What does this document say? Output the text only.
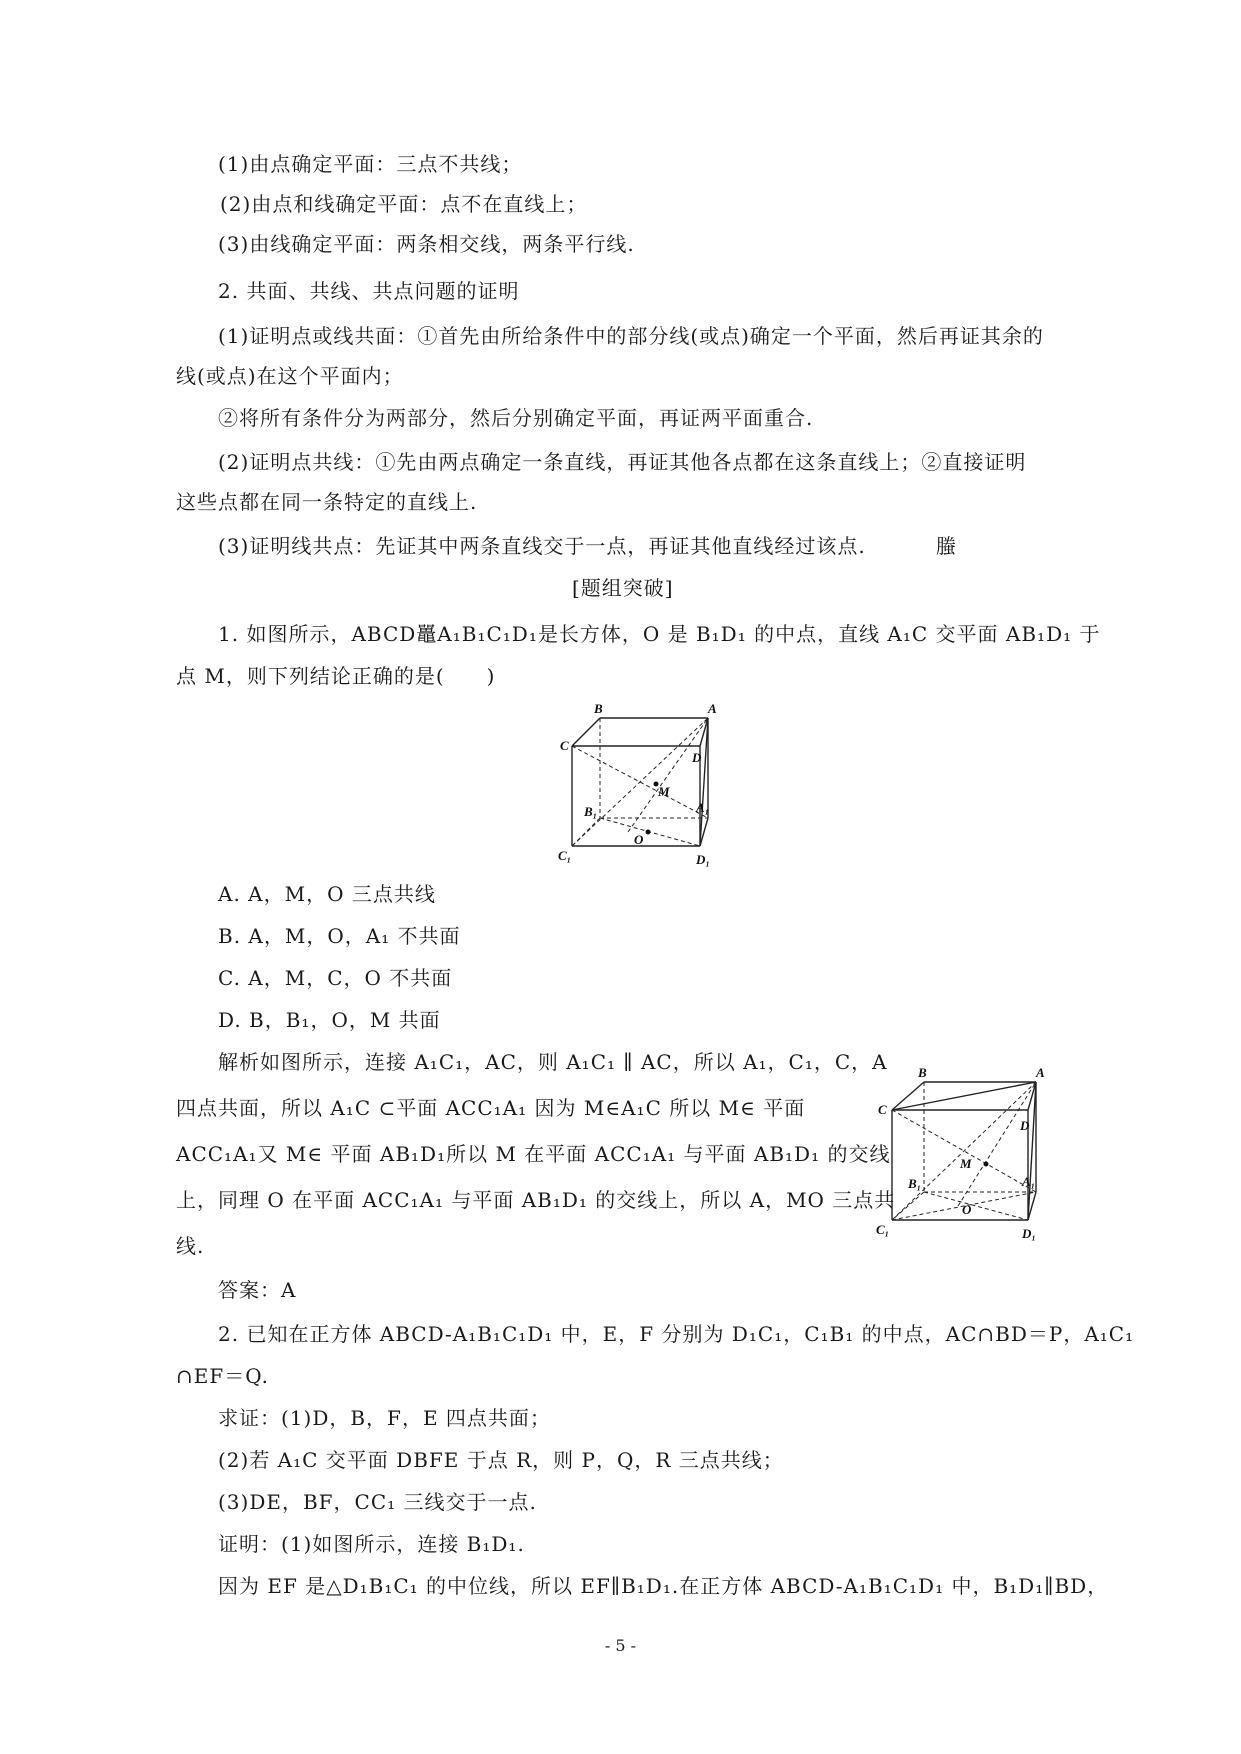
(1)由点确定平面：三点不共线；
(2)由点和线确定平面：点不在直线上；
(3)由线确定平面：两条相交线，两条平行线.
2. 共面、共线、共点问题的证明
(1)证明点或线共面：①首先由所给条件中的部分线(或点)确定一个平面，然后再证其余的
线(或点)在这个平面内；
②将所有条件分为两部分，然后分别确定平面，再证两平面重合.
(2)证明点共线：①先由两点确定一条直线，再证其他各点都在这条直线上；②直接证明
这些点都在同一条特定的直线上.
(3)证明线共点：先证其中两条直线交于一点，再证其他直线经过该点.	螣
[题组突破]
1. 如图所示，ABCD鼉A₁B₁C₁D₁是长方体，O 是 B₁D₁ 的中点，直线 A₁C 交平面 AB₁D₁ 于
点 M，则下列结论正确的是(　　)
B	A
C
D
M
B₁	A₁
O
C₁	D₁
A. A，M，O 三点共线
B. A，M，O，A₁ 不共面
C. A，M，C，O 不共面
D. B，B₁，O，M 共面
解析如图所示，连接 A₁C₁，AC，则 A₁C₁ ∥ AC，所以 A₁，C₁，C，A
四点共面，所以 A₁C ⊂平面 ACC₁A₁ 因为 M∈A₁C 所以 M∈ 平面
ACC₁A₁又 M∈ 平面 AB₁D₁所以 M 在平面 ACC₁A₁ 与平面 AB₁D₁ 的交线
上，同理 O 在平面 ACC₁A₁ 与平面 AB₁D₁ 的交线上，所以 A，MO 三点共
线.
B	A
C
D
M
B₁	A₁
O
C₁	D₁
答案：A
2. 已知在正方体 ABCD-A₁B₁C₁D₁ 中，E，F 分别为 D₁C₁，C₁B₁ 的中点，AC∩BD＝P，A₁C₁
∩EF＝Q.
求证：(1)D，B，F，E 四点共面；
(2)若 A₁C 交平面 DBFE 于点 R，则 P，Q，R 三点共线；
(3)DE，BF，CC₁ 三线交于一点.
证明：(1)如图所示，连接 B₁D₁.
因为 EF 是△D₁B₁C₁ 的中位线，所以 EF∥B₁D₁.在正方体 ABCD-A₁B₁C₁D₁ 中，B₁D₁∥BD，
- 5 -
